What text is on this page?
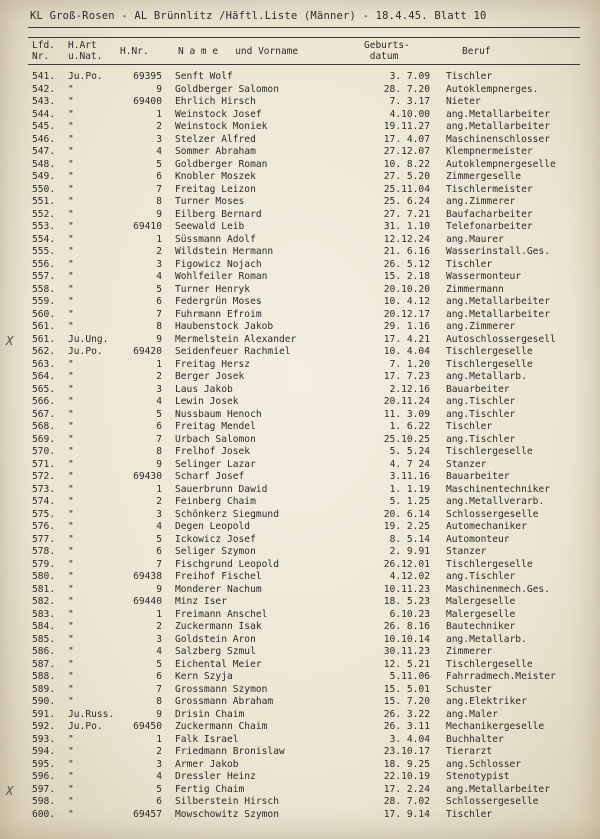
KL Groß-Rosen - AL Brünnlitz /Häftl.Liste (Männer) - 18.4.45. Blatt 10
Lfd.
Nr.
H.Art
u.Nat. H.Nr.	N a m e   und Vorname
Geburts-
datum	Beruf
X
X
541.	Ju.Po.	69395 Senft Wolf	3. 7.09 Tischler
542.	"	9 Goldberger Salomon	28. 7.20 Autoklempnerges.
543.	"	69400 Ehrlich Hirsch	7. 3.17 Nieter
544.	"	1 Weinstock Josef	4.10.00 ang.Metallarbeiter
545.	"	2 Weinstock Moniek	19.11.27 ang.Metallarbeiter
546.	"	3 Stelzer Alfred	17. 4.07 Maschinenschlosser
547.	"	4 Sommer Abraham	27.12.07 Klempnermeister
548.	"	5 Goldberger Roman	10. 8.22 Autoklempnergeselle
549.	"	6 Knobler Moszek	27. 5.20 Zimmergeselle
550.	"	7 Freitag Leizon	25.11.04 Tischlermeister
551.	"	8 Turner Moses	25. 6.24 ang.Zimmerer
552.	"	9 Eilberg Bernard	27. 7.21 Baufacharbeiter
553.	"	69410 Seewald Leib	31. 1.10 Telefonarbeiter
554.	"	1 Süssmann Adolf	12.12.24 ang.Maurer
555.	"	2 Wildstein Hermann	21. 6.16 Wasserinstall.Ges.
556.	"	3 Figowicz Nojach	26. 5.12 Tischler
557.	"	4 Wohlfeiler Roman	15. 2.18 Wassermonteur
558.	"	5 Turner Henryk	20.10.20 Zimmermann
559.	"	6 Federgrün Moses	10. 4.12 ang.Metallarbeiter
560.	"	7 Fuhrmann Efroim	20.12.17 ang.Metallarbeiter
561.	"	8 Haubenstock Jakob	29. 1.16 ang.Zimmerer
561.	Ju.Ung.	9 Mermelstein Alexander	17. 4.21 Autoschlossergesell
562.	Ju.Po.	69420 Seidenfeuer Rachmiel	10. 4.04 Tischlergeselle
563.	"	1 Freitag Hersz	7. 1.20 Tischlergeselle
564.	"	2 Berger Josek	17. 7.23 ang.Metallarb.
565.	"	3 Laus Jakob	2.12.16 Bauarbeiter
566.	"	4 Lewin Josek	20.11.24 ang.Tischler
567.	"	5 Nussbaum Henoch	11. 3.09 ang.Tischler
568.	"	6 Freitag Mendel	1. 6.22 Tischler
569.	"	7 Urbach Salomon	25.10.25 ang.Tischler
570.	"	8 Frelhof Josek	5. 5.24 Tischlergeselle
571.	"	9 Selinger Lazar	4. 7 24 Stanzer
572.	"	69430 Scharf Josef	3.11.16 Bauarbeiter
573.	"	1 Sauerbrunn Dawid	1. 1.19 Maschinentechniker
574.	"	2 Feinberg Chaim	5. 1.25 ang.Metallverarb.
575.	"	3 Schönkerz Siegmund	20. 6.14 Schlossergeselle
576.	"	4 Degen Leopold	19. 2.25 Automechaniker
577.	"	5 Ickowicz Josef	8. 5.14 Automonteur
578.	"	6 Seliger Szymon	2. 9.91 Stanzer
579.	"	7 Fischgrund Leopold	26.12.01 Tischlergeselle
580.	"	69438 Freihof Fischel	4.12.02 ang.Tischler
581.	"	9 Monderer Nachum	10.11.23 Maschinenmech.Ges.
582.	"	69440 Minz Iser	18. 5.23 Malergeselle
583.	"	1 Freimann Anschel	6.10.23 Malergeselle
584.	"	2 Zuckermann Isak	26. 8.16 Bautechniker
585.	"	3 Goldstein Aron	10.10.14 ang.Metallarb.
586.	"	4 Salzberg Szmul	30.11.23 Zimmerer
587.	"	5 Eichental Meier	12. 5.21 Tischlergeselle
588.	"	6 Kern Szyja	5.11.06 Fahrradmech.Meister
589.	"	7 Grossmann Szymon	15. 5.01 Schuster
590.	"	8 Grossmann Abraham	15. 7.20 ang.Elektriker
591.	Ju.Russ.	9 Drisin Chaim	26. 3.22 ang.Maler
592.	Ju.Po.	69450 Zuckermann Chaim	26. 3.11 Mechanikergeselle
593.	"	1 Falk Israel	3. 4.04 Buchhalter
594.	"	2 Friedmann Bronislaw	23.10.17 Tierarzt
595.	"	3 Armer Jakob	18. 9.25 ang.Schlosser
596.	"	4 Dressler Heinz	22.10.19 Stenotypist
597.	"	5 Fertig Chaim	17. 2.24 ang.Metallarbeiter
598.	"	6 Silberstein Hirsch	28. 7.02 Schlossergeselle
600.	"	69457 Mowschowitz Szymon	17. 9.14 Tischler
